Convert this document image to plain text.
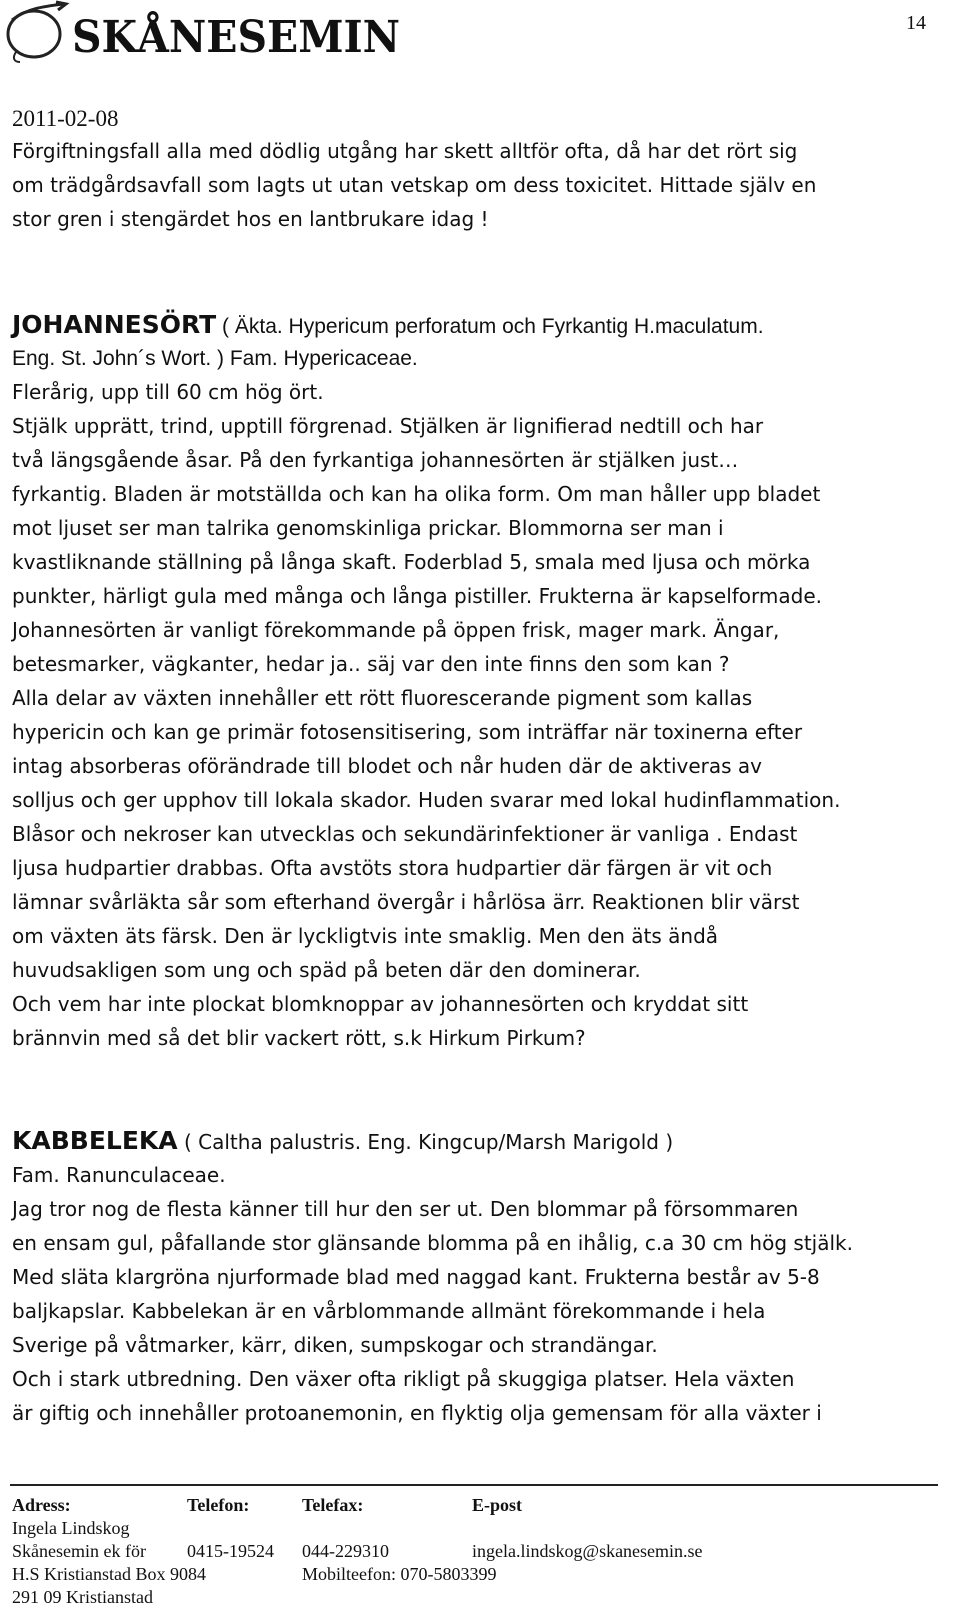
SKÅNESEMIN	14
2011-02-08
Förgiftningsfall alla med dödlig utgång har skett alltför ofta, då har det rört sig
om trädgårdsavfall som lagts ut utan vetskap om dess toxicitet. Hittade själv en
stor gren i stengärdet hos en lantbrukare idag !
JOHANNESÖRT ( Äkta. Hypericum perforatum och Fyrkantig H.maculatum.
Eng. St. John´s Wort. ) Fam. Hypericaceae.
Flerårig, upp till 60 cm hög ört.
Stjälk upprätt, trind, upptill förgrenad. Stjälken är lignifierad nedtill och har
två längsgående åsar. På den fyrkantiga johannesörten är stjälken just…
fyrkantig. Bladen är motställda och kan ha olika form. Om man håller upp bladet
mot ljuset ser man talrika genomskinliga prickar. Blommorna ser man i
kvastliknande ställning på långa skaft. Foderblad 5, smala med ljusa och mörka
punkter, härligt gula med många och långa pistiller. Frukterna är kapselformade.
Johannesörten är vanligt förekommande på öppen frisk, mager mark. Ängar,
betesmarker, vägkanter, hedar ja.. säj var den inte finns den som kan ?
Alla delar av växten innehåller ett rött fluorescerande pigment som kallas
hypericin och kan ge primär fotosensitisering, som inträffar när toxinerna efter
intag absorberas oförändrade till blodet och når huden där de aktiveras av
solljus och ger upphov till lokala skador. Huden svarar med lokal hudinflammation.
Blåsor och nekroser kan utvecklas och sekundärinfektioner är vanliga . Endast
ljusa hudpartier drabbas. Ofta avstöts stora hudpartier där färgen är vit och
lämnar svårläkta sår som efterhand övergår i hårlösa ärr. Reaktionen blir värst
om växten äts färsk. Den är lyckligtvis inte smaklig. Men den äts ändå
huvudsakligen som ung och späd på beten där den dominerar.
Och vem har inte plockat blomknoppar av johannesörten och kryddat sitt
brännvin med så det blir vackert rött, s.k Hirkum Pirkum?
KABBELEKA ( Caltha palustris. Eng. Kingcup/Marsh Marigold )
Fam. Ranunculaceae.
Jag tror nog de flesta känner till hur den ser ut. Den blommar på försommaren
en ensam gul, påfallande stor glänsande blomma på en ihålig, c.a 30 cm hög stjälk.
Med släta klargröna njurformade blad med naggad kant. Frukterna består av 5-8
baljkapslar. Kabbelekan är en vårblommande allmänt förekommande i hela
Sverige på våtmarker, kärr, diken, sumpskogar och strandängar.
Och i stark utbredning. Den växer ofta rikligt på skuggiga platser. Hela växten
är giftig och innehåller protoanemonin, en flyktig olja gemensam för alla växter i
Adress:	Telefon:	Telefax:	E-post
Ingela Lindskog
Skånesemin ek för 0415-19524 044-229310	ingela.lindskog@skanesemin.se
H.S Kristianstad Box 9084	Mobilteefon: 070-5803399
291 09 Kristianstad
